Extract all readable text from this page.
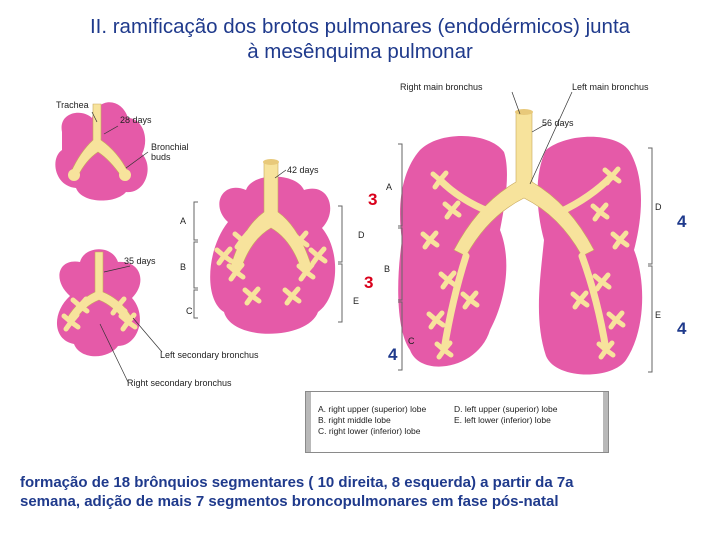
II. ramificação dos brotos pulmonares (endodérmicos) junta
à mesênquima pulmonar
Trachea
28 days
Bronchial
buds
42 days
35 days
56 days
Right main bronchus	Left main bronchus
Left secondary bronchus
Right secondary bronchus
A
B
C
D
E
A
B
C
D
E
3
3
4
4
4
A. right upper (superior) lobe
B. right middle lobe
C. right lower (inferior) lobe
D. left upper (superior) lobe
E. left lower (inferior) lobe
formação de 18 brônquios segmentares ( 10 direita, 8 esquerda) a partir da 7a
semana, adição de mais 7 segmentos broncopulmonares em fase pós-natal
